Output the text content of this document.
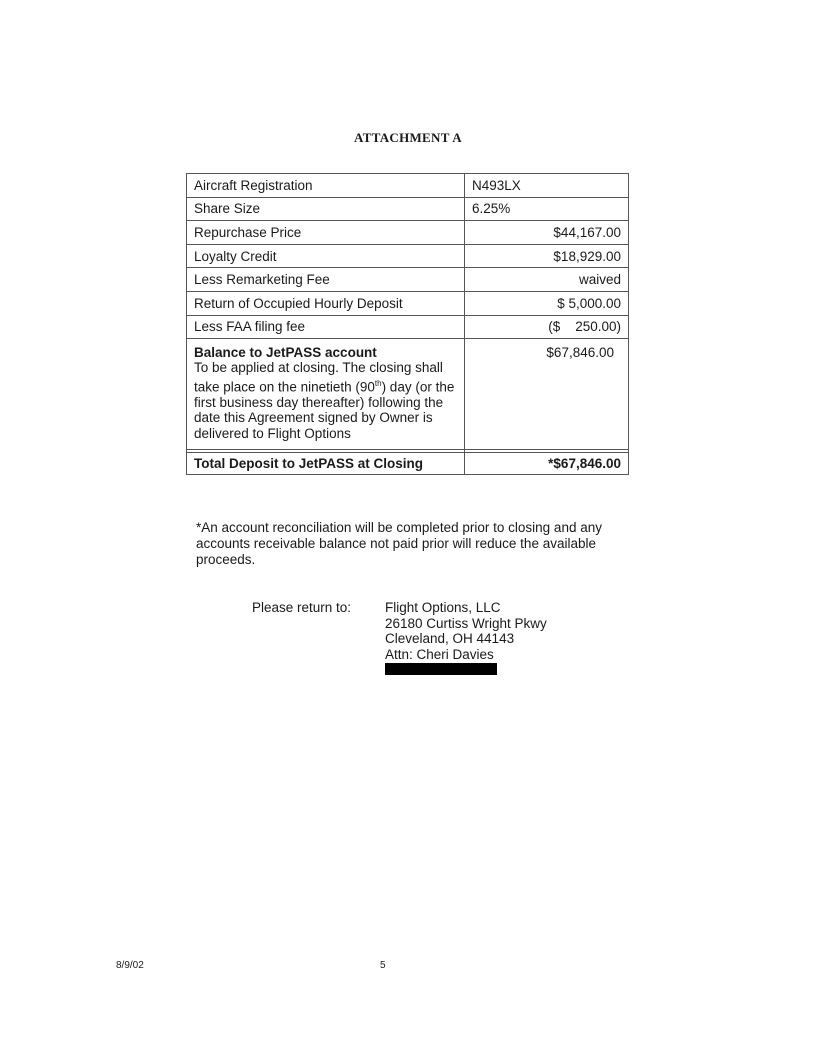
ATTACHMENT A
Aircraft Registration	N493LX
Share Size	6.25%
Repurchase Price	$44,167.00
Loyalty Credit	$18,929.00
Less Remarketing Fee	waived
Return of Occupied Hourly Deposit	$ 5,000.00
Less FAA filing fee	($    250.00)

Balance to JetPASS account
To be applied at closing. The closing shall take place on the ninetieth (90th) day (or the first business day thereafter) following the date this Agreement signed by Owner is delivered to Flight Options	$67,846.00

Total Deposit to JetPASS at Closing	*$67,846.00
*An account reconciliation will be completed prior to closing and any accounts receivable balance not paid prior will reduce the available proceeds.
Please return to:	Flight Options, LLC
26180 Curtiss Wright Pkwy
Cleveland, OH 44143
Attn: Cheri Davies
8/9/02	5
